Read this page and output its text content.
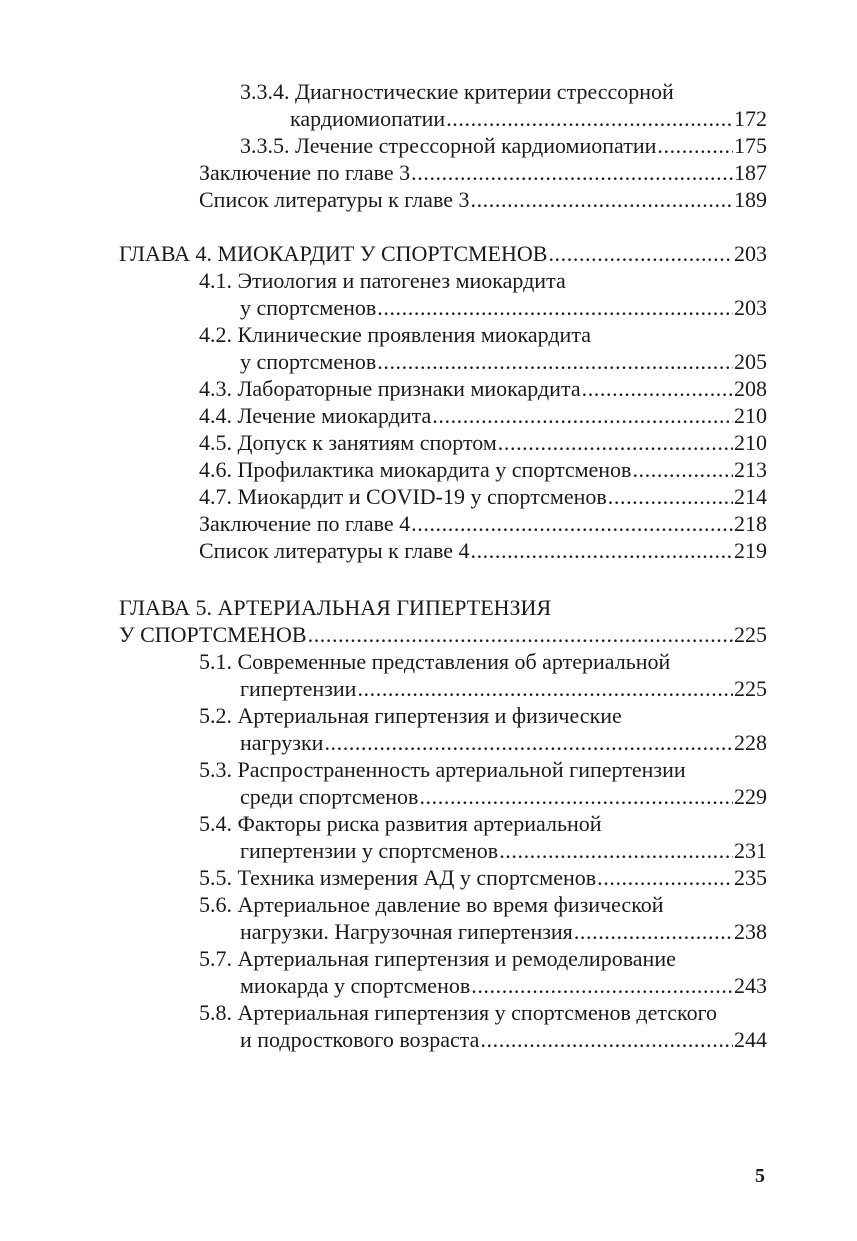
3.3.4. Диагностические критерии стрессорной
кардиомиопатии .....	172
3.3.5. Лечение стрессорной кардиомиопатии .....	175
Заключение по главе 3 .....	187
Список литературы к главе 3 .....	189
ГЛАВА 4. МИОКАРДИТ У СПОРТСМЕНОВ .....	203
4.1. Этиология и патогенез миокардита
у спортсменов .....	203
4.2. Клинические проявления миокардита
у спортсменов .....	205
4.3. Лабораторные признаки миокардита .....	208
4.4. Лечение миокардита .....	210
4.5. Допуск к занятиям спортом .....	210
4.6. Профилактика миокардита у спортсменов .....	213
4.7. Миокардит и COVID-19 у спортсменов .....	214
Заключение по главе 4 .....	218
Список литературы к главе 4 .....	219
ГЛАВА 5. АРТЕРИАЛЬНАЯ ГИПЕРТЕНЗИЯ
У СПОРТСМЕНОВ .....	225
5.1. Современные представления об артериальной
гипертензии .....	225
5.2. Артериальная гипертензия и физические
нагрузки .....	228
5.3. Распространенность артериальной гипертензии
среди спортсменов .....	229
5.4. Факторы риска развития артериальной
гипертензии у спортсменов .....	231
5.5. Техника измерения АД у спортсменов .....	235
5.6. Артериальное давление во время физической
нагрузки. Нагрузочная гипертензия .....	238
5.7. Артериальная гипертензия и ремоделирование
миокарда у спортсменов .....	243
5.8. Артериальная гипертензия у спортсменов детского
и подросткового возраста .....	244
5
